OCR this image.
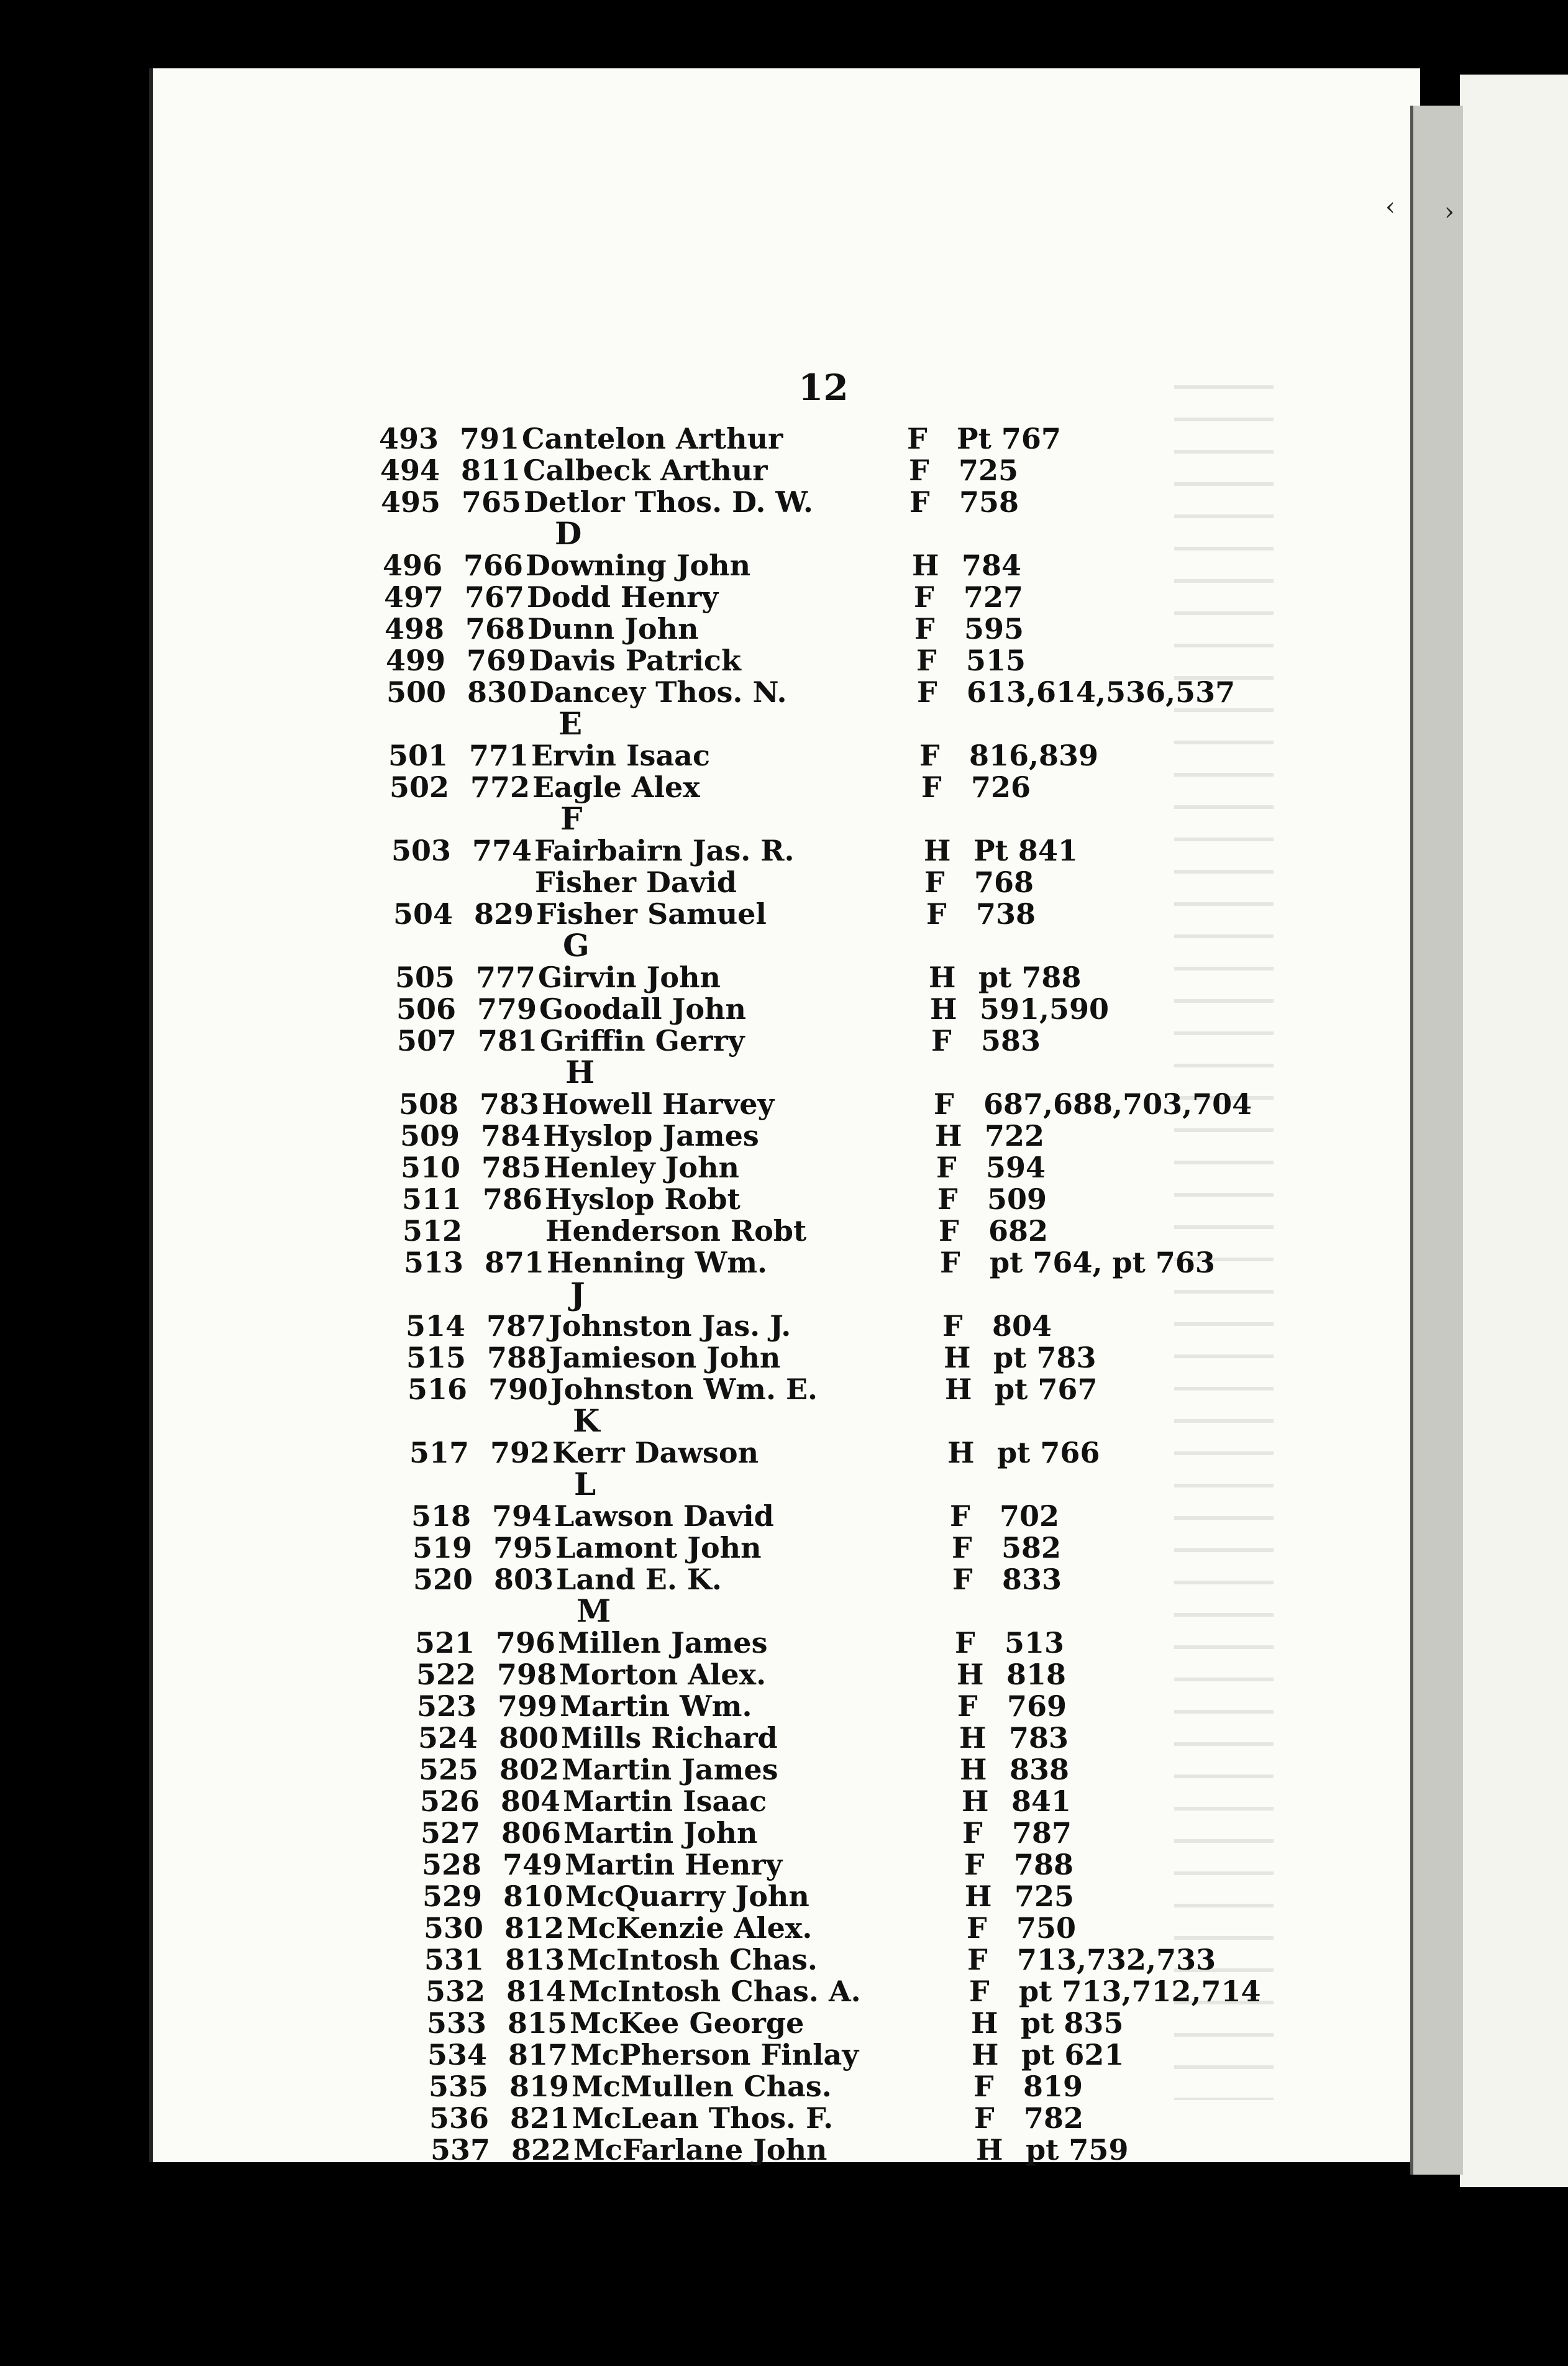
‹ ›
12
493 791 Cantelon Arthur	F Pt 767
494 811 Calbeck Arthur	F 725
495 765 Detlor Thos. D. W.	F 758
D
496 766 Downing John	H 784
497 767 Dodd Henry	F 727
498 768 Dunn John	F 595
499 769 Davis Patrick	F 515
500 830 Dancey Thos. N.	F 613,614,536,537
E
501 771 Ervin Isaac	F 816,839
502 772 Eagle Alex	F 726
F
503 774 Fairbairn Jas. R.	H Pt 841
Fisher David	F 768
504 829 Fisher Samuel	F 738
G
505 777 Girvin John	H pt 788
506 779 Goodall John	H 591,590
507 781 Griffin Gerry	F 583
H
508 783 Howell Harvey	F 687,688,703,704
509 784 Hyslop James	H 722
510 785 Henley John	F 594
511 786 Hyslop Robt	F 509
512	Henderson Robt	F 682
513 871 Henning Wm.	F pt 764, pt 763
J
514 787 Johnston Jas. J.	F 804
515 788 Jamieson John	H pt 783
516 790 Johnston Wm. E.	H pt 767
K
517 792 Kerr Dawson	H pt 766
L
518 794 Lawson David	F 702
519 795 Lamont John	F 582
520 803 Land E. K.	F 833
M
521 796 Millen James	F 513
522 798 Morton Alex.	H 818
523 799 Martin Wm.	F 769
524 800 Mills Richard	H 783
525 802 Martin James	H 838
526 804 Martin Isaac	H 841
527 806 Martin John	F 787
528 749 Martin Henry	F 788
529 810 McQuarry John	H 725
530 812 McKenzie Alex.	F 750
531 813 McIntosh Chas.	F 713,732,733
532 814 McIntosh Chas. A.	F pt 713,712,714
533 815 McKee George	H pt 835
534 817 McPherson Finlay	H pt 621
535 819 McMullen Chas.	F 819
536 821 McLean Thos. F.	F 782
537 822 McFarlane John	H pt 759
